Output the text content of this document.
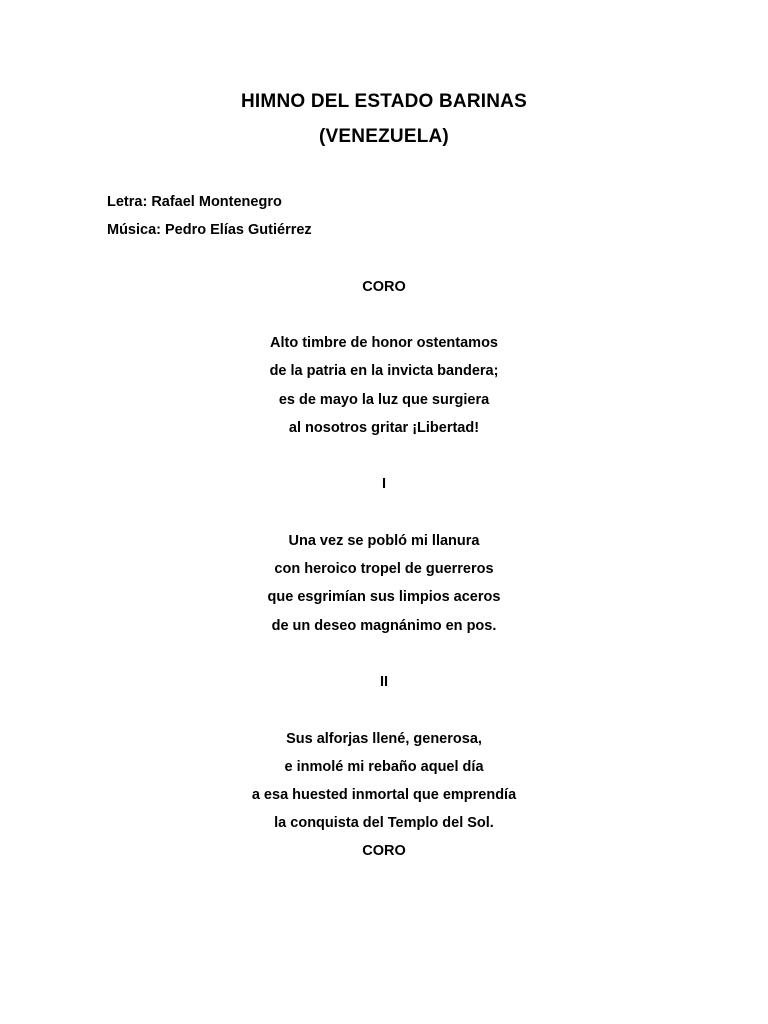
HIMNO DEL ESTADO BARINAS
(VENEZUELA)
Letra: Rafael Montenegro
Música: Pedro Elías Gutiérrez
CORO
Alto timbre de honor ostentamos
de la patria en la invicta bandera;
es de mayo la luz que surgiera
al nosotros gritar ¡Libertad!
I
Una vez se pobló mi llanura
con heroico tropel de guerreros
que esgrimían sus limpios aceros
de un deseo magnánimo en pos.
II
Sus alforjas llené, generosa,
e inmolé mi rebaño aquel día
a esa huested inmortal que emprendía
la conquista del Templo del Sol.
CORO
